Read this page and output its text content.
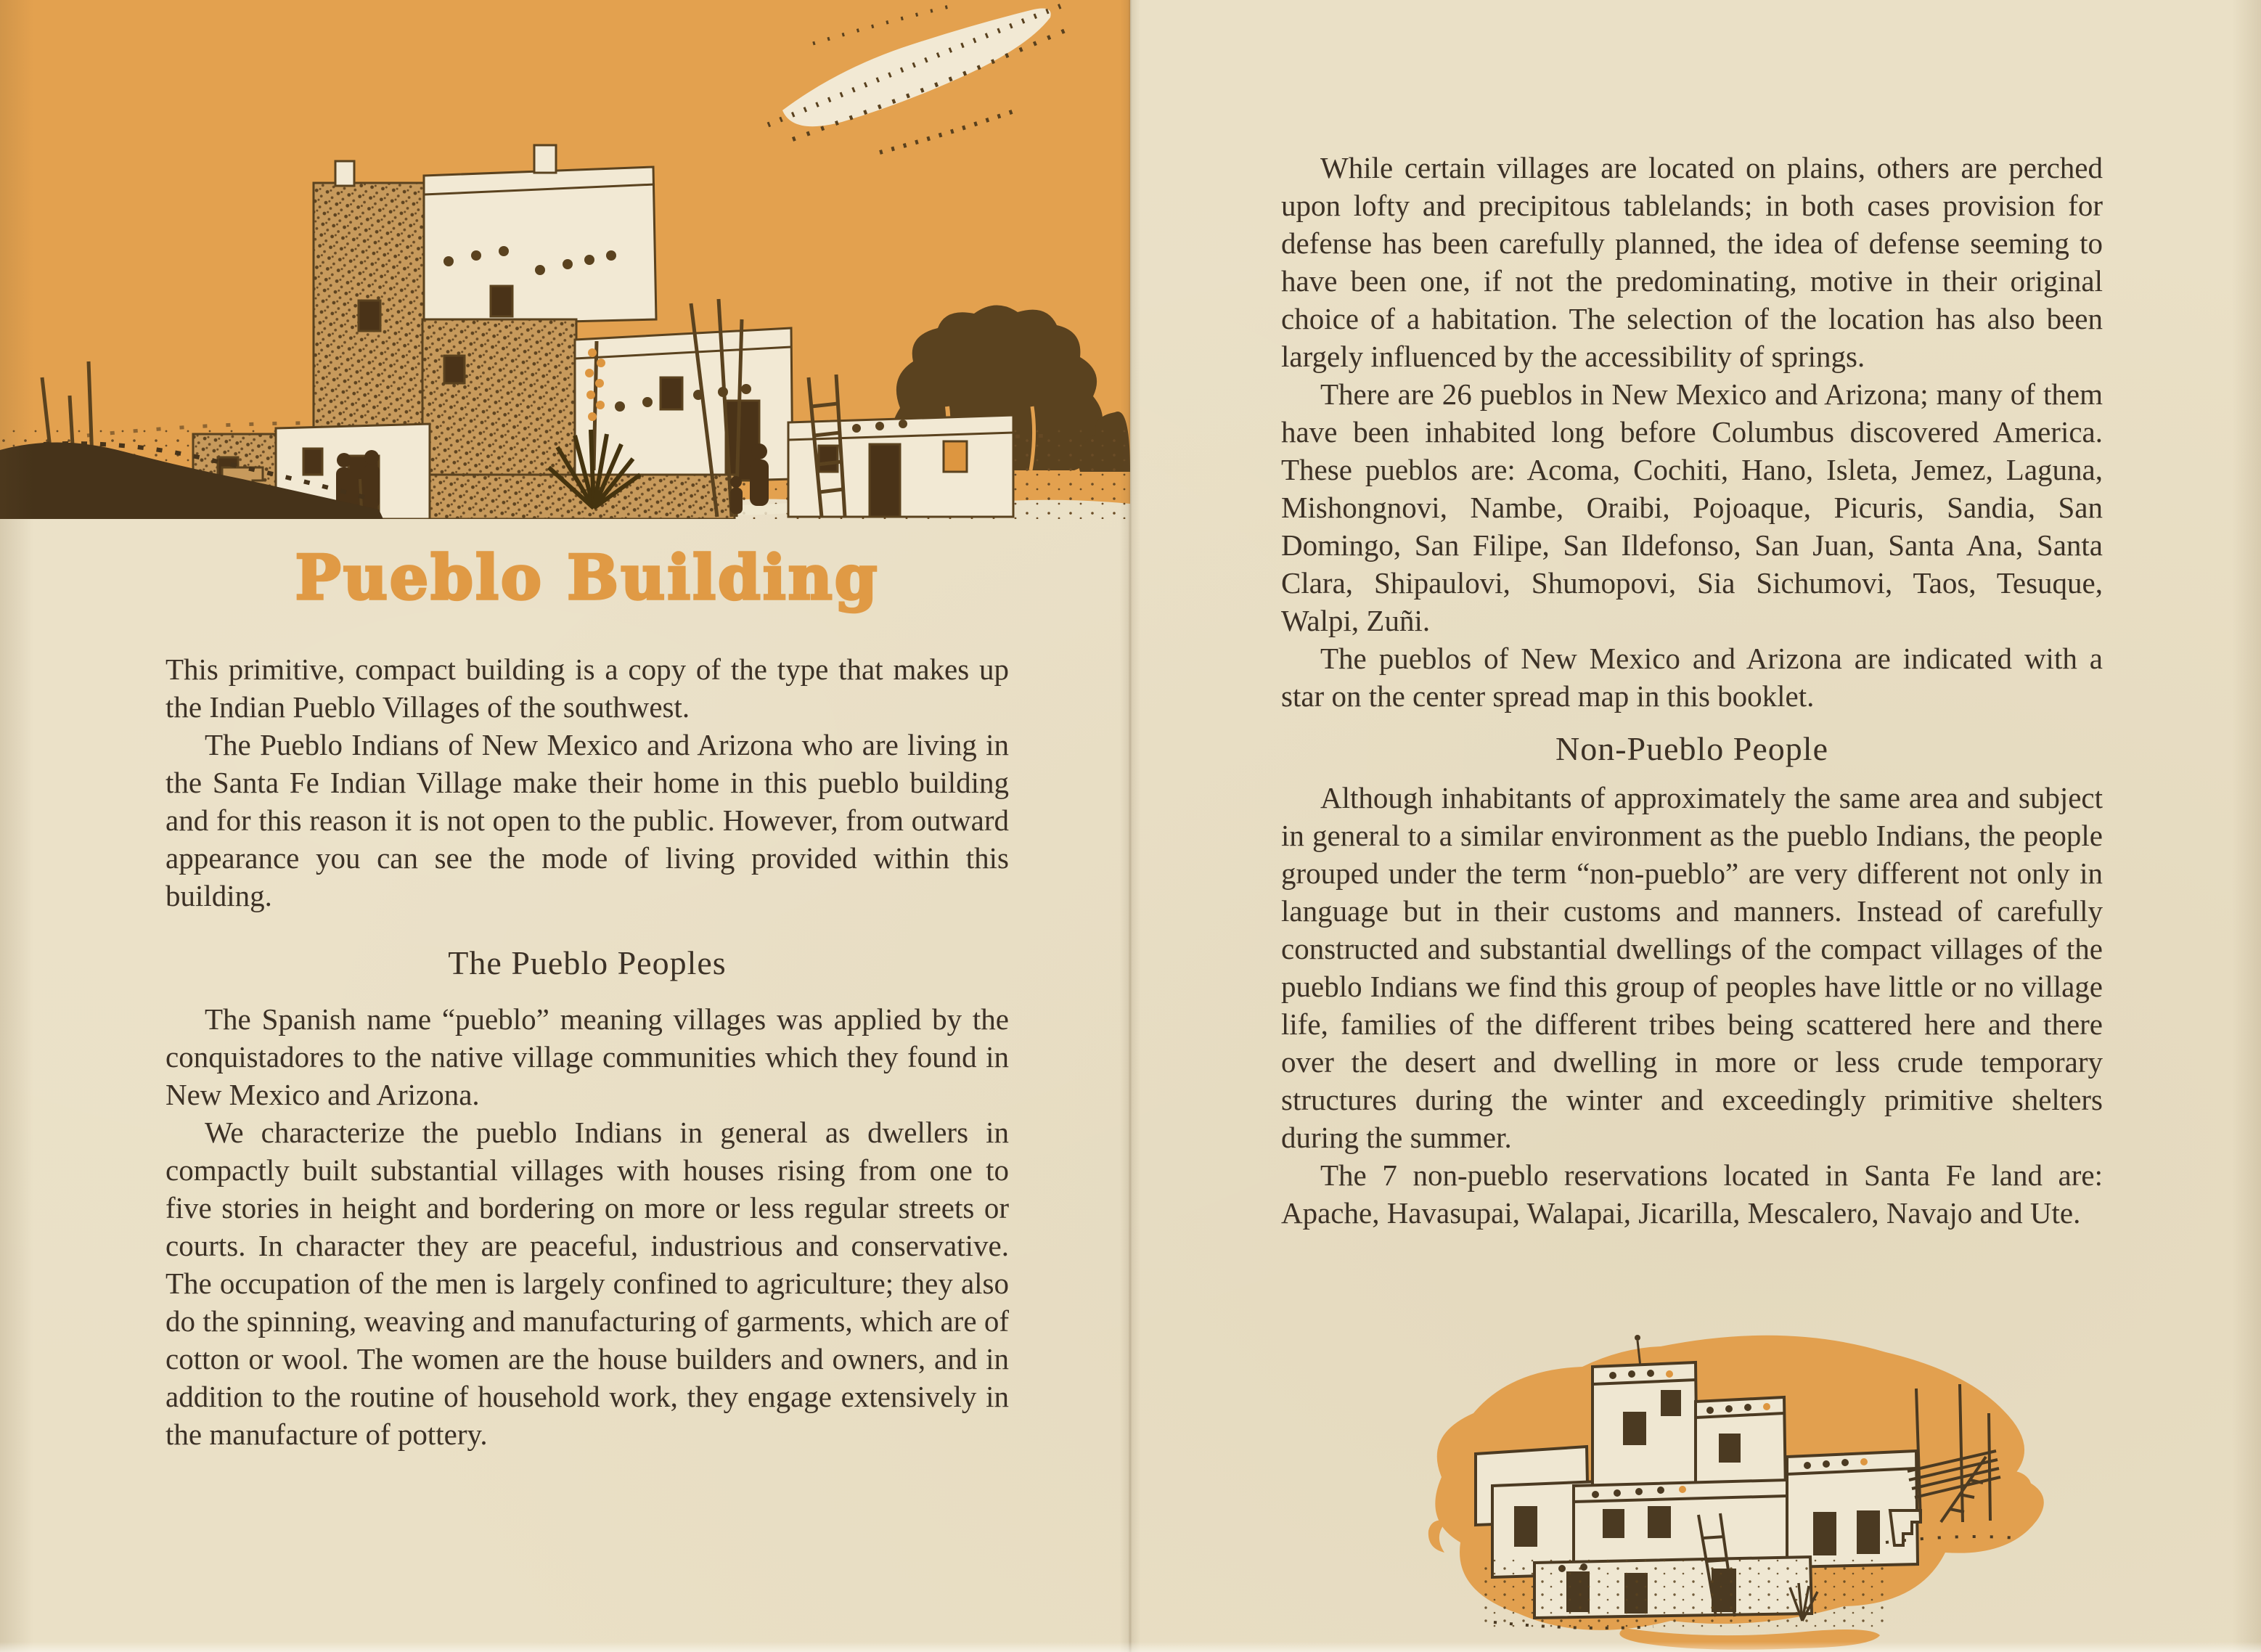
Pueblo Building

This primitive, compact building is a copy of the type that makes up the Indian Pueblo Villages of the southwest.

The Pueblo Indians of New Mexico and Arizona who are living in the Santa Fe Indian Village make their home in this pueblo building and for this reason it is not open to the public. However, from outward appearance you can see the mode of living provided within this building.

The Pueblo Peoples

The Spanish name “pueblo” meaning villages was applied by the conquistadores to the native village communities which they found in New Mexico and Arizona.

We characterize the pueblo Indians in general as dwellers in compactly built substantial villages with houses rising from one to five stories in height and bordering on more or less regular streets or courts. In character they are peaceful, industrious and conservative. The occupation of the men is largely confined to agriculture; they also do the spinning, weaving and manufacturing of garments, which are of cotton or wool. The women are the house builders and owners, and in addition to the routine of household work, they engage extensively in the manufacture of pottery.

While certain villages are located on plains, others are perched upon lofty and precipitous tablelands; in both cases provision for defense has been carefully planned, the idea of defense seeming to have been one, if not the predominating, motive in their original choice of a habitation. The selection of the location has also been largely influenced by the accessibility of springs.

There are 26 pueblos in New Mexico and Arizona; many of them have been inhabited long before Columbus discovered America. These pueblos are: Acoma, Cochiti, Hano, Isleta, Jemez, Laguna, Mishongnovi, Nambe, Oraibi, Pojoaque, Picuris, Sandia, San Domingo, San Filipe, San Ildefonso, San Juan, Santa Ana, Santa Clara, Shipaulovi, Shumopovi, Sia Sichumovi, Taos, Tesuque, Walpi, Zuñi.

The pueblos of New Mexico and Arizona are indicated with a star on the center spread map in this booklet.

Non-Pueblo People

Although inhabitants of approximately the same area and subject in general to a similar environment as the pueblo Indians, the people grouped under the term “non-pueblo” are very different not only in language but in their customs and manners. Instead of carefully constructed and substantial dwellings of the compact villages of the pueblo Indians we find this group of peoples have little or no village life, families of the different tribes being scattered here and there over the desert and dwelling in more or less crude temporary structures during the winter and exceedingly primitive shelters during the summer.

The 7 non-pueblo reservations located in Santa Fe land are: Apache, Havasupai, Walapai, Jicarilla, Mescalero, Navajo and Ute.
